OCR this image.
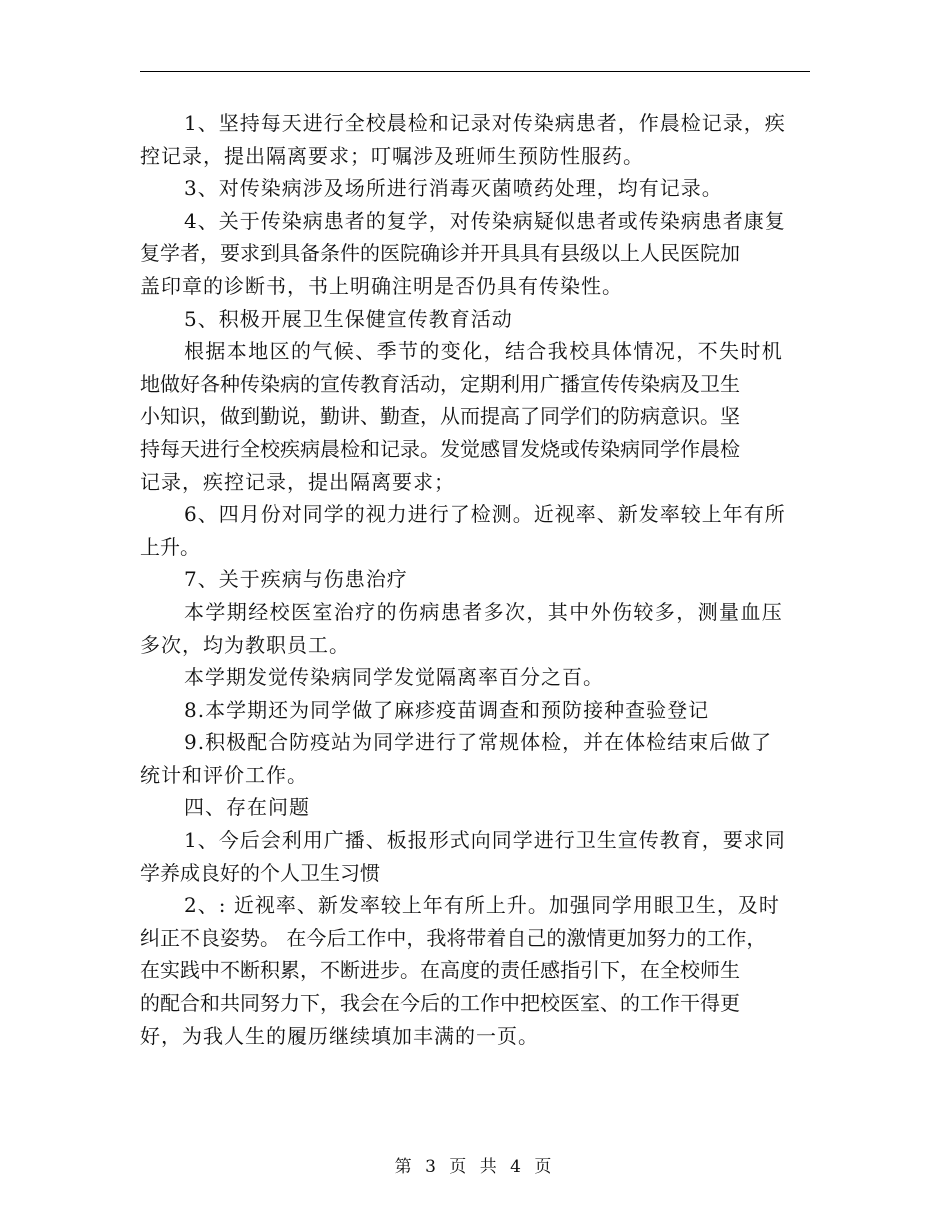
1、坚持每天进行全校晨检和记录对传染病患者，作晨检记录，疾
控记录，提出隔离要求；叮嘱涉及班师生预防性服药。
3、对传染病涉及场所进行消毒灭菌喷药处理，均有记录。
4、关于传染病患者的复学，对传染病疑似患者或传染病患者康复
复学者，要求到具备条件的医院确诊并开具具有县级以上人民医院加
盖印章的诊断书，书上明确注明是否仍具有传染性。
5、积极开展卫生保健宣传教育活动
根据本地区的气候、季节的变化，结合我校具体情况，不失时机
地做好各种传染病的宣传教育活动，定期利用广播宣传传染病及卫生
小知识，做到勤说，勤讲、勤查，从而提高了同学们的防病意识。坚
持每天进行全校疾病晨检和记录。发觉感冒发烧或传染病同学作晨检
记录，疾控记录，提出隔离要求；
6、四月份对同学的视力进行了检测。近视率、新发率较上年有所
上升。
7、关于疾病与伤患治疗
本学期经校医室治疗的伤病患者多次，其中外伤较多，测量血压
多次，均为教职员工。
本学期发觉传染病同学发觉隔离率百分之百。
8.本学期还为同学做了麻疹疫苗调查和预防接种查验登记
9.积极配合防疫站为同学进行了常规体检，并在体检结束后做了
统计和评价工作。
四、存在问题
1、今后会利用广播、板报形式向同学进行卫生宣传教育，要求同
学养成良好的个人卫生习惯
2、: 近视率、新发率较上年有所上升。加强同学用眼卫生，及时
纠正不良姿势。 在今后工作中，我将带着自己的激情更加努力的工作，
在实践中不断积累，不断进步。在高度的责任感指引下，在全校师生
的配合和共同努力下，我会在今后的工作中把校医室、的工作干得更
好，为我人生的履历继续填加丰满的一页。
第 3 页 共 4 页
